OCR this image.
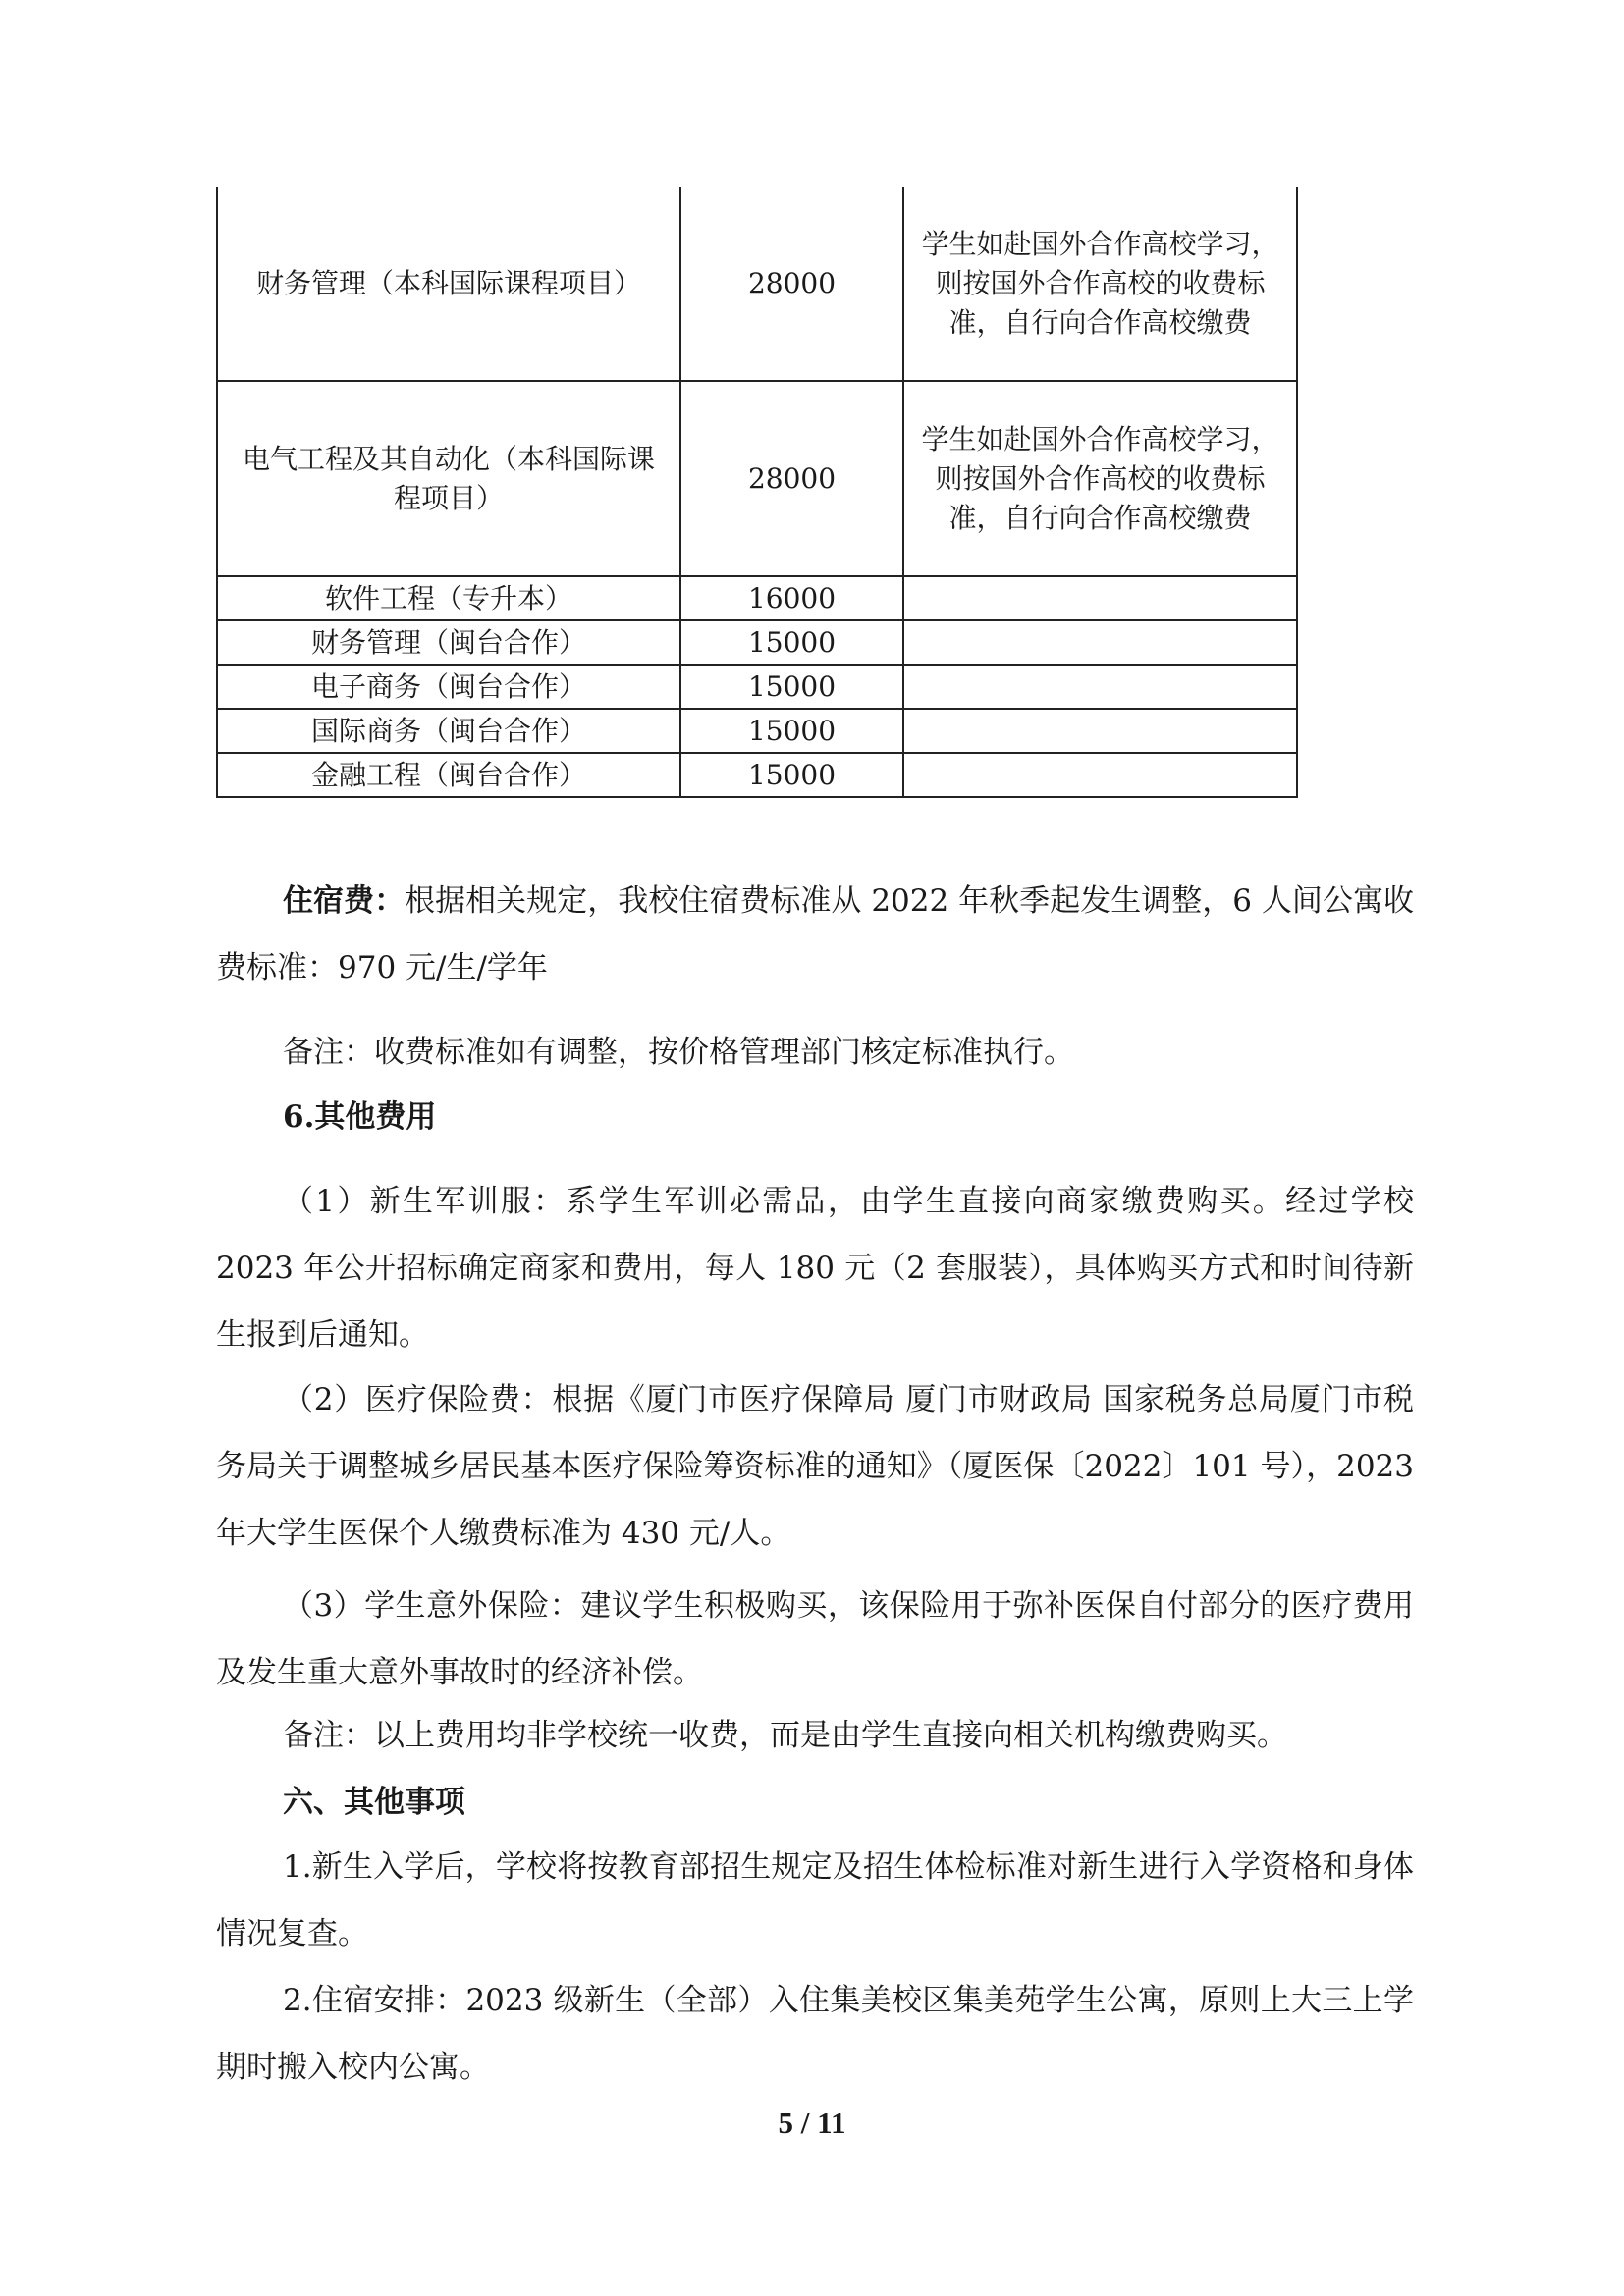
财务管理（本科国际课程项目）	28000	学生如赴国外合作高校学习，则按国外合作高校的收费标准，自行向合作高校缴费
电气工程及其自动化（本科国际课程项目）	28000	学生如赴国外合作高校学习，则按国外合作高校的收费标准，自行向合作高校缴费
软件工程（专升本）	16000	
财务管理（闽台合作）	15000	
电子商务（闽台合作）	15000	
国际商务（闽台合作）	15000	
金融工程（闽台合作）	15000	

住宿费：根据相关规定，我校住宿费标准从 2022 年秋季起发生调整，6 人间公寓收费标准：970 元/生/学年

备注：收费标准如有调整，按价格管理部门核定标准执行。

6.其他费用

（1）新生军训服：系学生军训必需品，由学生直接向商家缴费购买。经过学校 2023 年公开招标确定商家和费用，每人 180 元（2 套服装），具体购买方式和时间待新生报到后通知。

（2）医疗保险费：根据《厦门市医疗保障局 厦门市财政局 国家税务总局厦门市税务局关于调整城乡居民基本医疗保险筹资标准的通知》（厦医保〔2022〕101 号），2023 年大学生医保个人缴费标准为 430 元/人。

（3）学生意外保险：建议学生积极购买，该保险用于弥补医保自付部分的医疗费用及发生重大意外事故时的经济补偿。

备注：以上费用均非学校统一收费，而是由学生直接向相关机构缴费购买。

六、其他事项

1.新生入学后，学校将按教育部招生规定及招生体检标准对新生进行入学资格和身体情况复查。

2.住宿安排：2023 级新生（全部）入住集美校区集美苑学生公寓，原则上大三上学期时搬入校内公寓。

5 / 11
